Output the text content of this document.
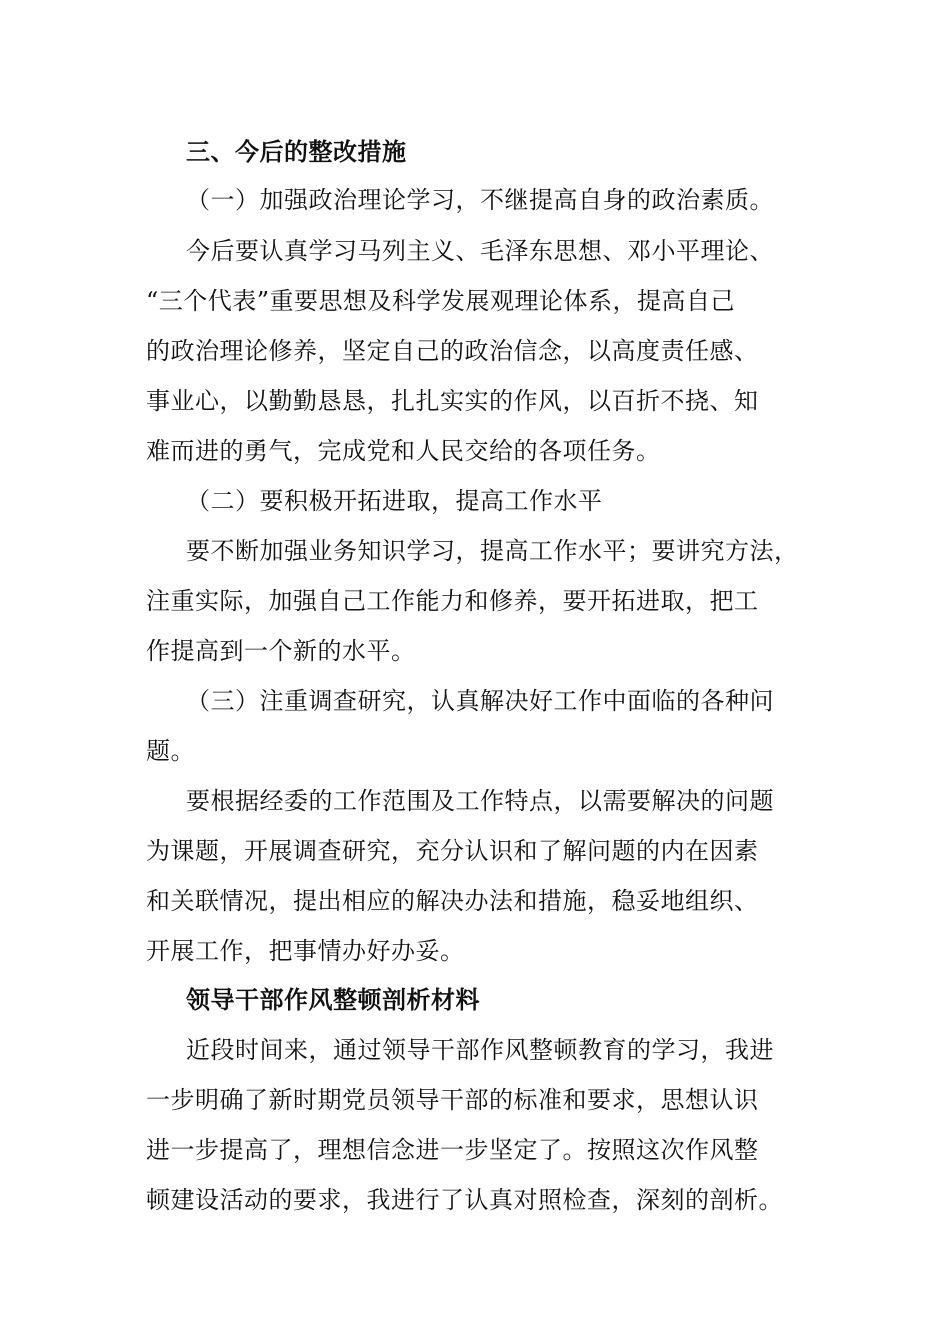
三、今后的整改措施
（一）加强政治理论学习，不继提高自身的政治素质。
今后要认真学习马列主义、毛泽东思想、邓小平理论、
“三个代表”重要思想及科学发展观理论体系，提高自己
的政治理论修养，坚定自己的政治信念，以高度责任感、
事业心，以勤勤恳恳，扎扎实实的作风，以百折不挠、知
难而进的勇气，完成党和人民交给的各项任务。
（二）要积极开拓进取，提高工作水平
要不断加强业务知识学习，提高工作水平；要讲究方法，
注重实际，加强自己工作能力和修养，要开拓进取，把工
作提高到一个新的水平。
（三）注重调查研究，认真解决好工作中面临的各种问
题。
要根据经委的工作范围及工作特点，以需要解决的问题
为课题，开展调查研究，充分认识和了解问题的内在因素
和关联情况，提出相应的解决办法和措施，稳妥地组织、
开展工作，把事情办好办妥。
领导干部作风整顿剖析材料
近段时间来，通过领导干部作风整顿教育的学习，我进
一步明确了新时期党员领导干部的标准和要求，思想认识
进一步提高了，理想信念进一步坚定了。按照这次作风整
顿建设活动的要求，我进行了认真对照检查，深刻的剖析。
